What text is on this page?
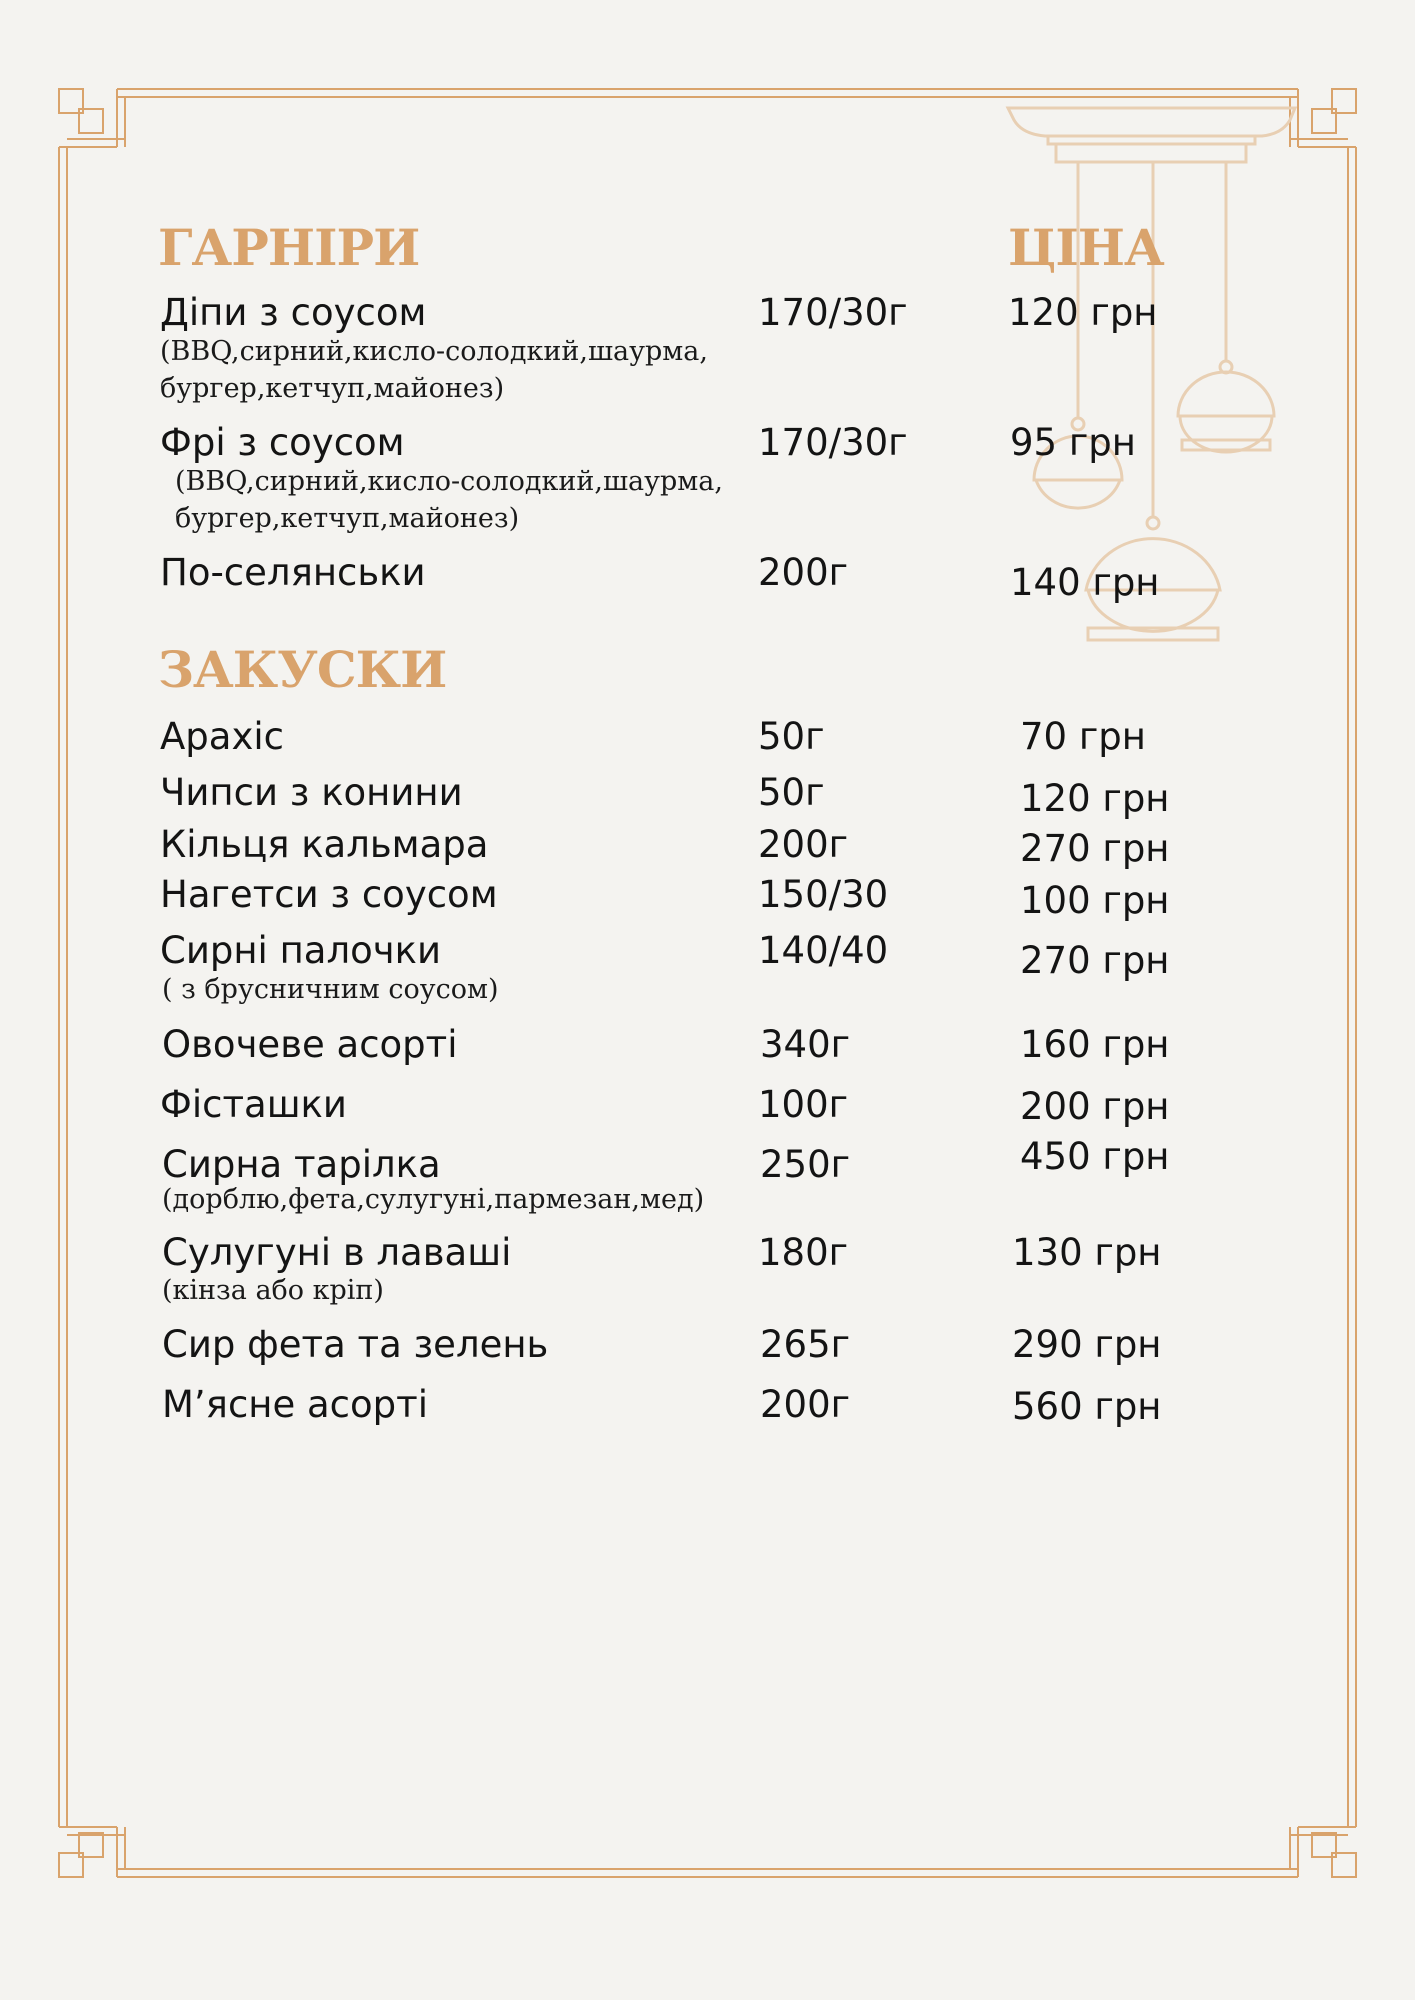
ГАРНІРИ	ЦІНА
ЗАКУСКИ
Діпи з соусом
(BBQ,сирний,кисло-солодкий,шаурма,
бургер,кетчуп,майонез)
170/30г	120 грн
Фрі з соусом
(BBQ,сирний,кисло-солодкий,шаурма,
бургер,кетчуп,майонез)
170/30г	95 грн
По-селянськи	200г	140 грн
Арахіс	50г	70 грн
Чипси з конини	50г	120 грн
Кільця кальмара	200г	270 грн
Нагетси з соусом	150/30	100 грн
Сирні палочки
( з брусничним соусом)
140/40	270 грн
Овочеве асорті	340г	160 грн
Фісташки	100г	200 грн
Сирна тарілка
(дорблю,фета,сулугуні,пармезан,мед)
250г	450 грн
Сулугуні в лаваші
(кінза або кріп)
180г	130 грн
Сир фета та зелень	265г	290 грн
М’ясне асорті	200г	560 грн
